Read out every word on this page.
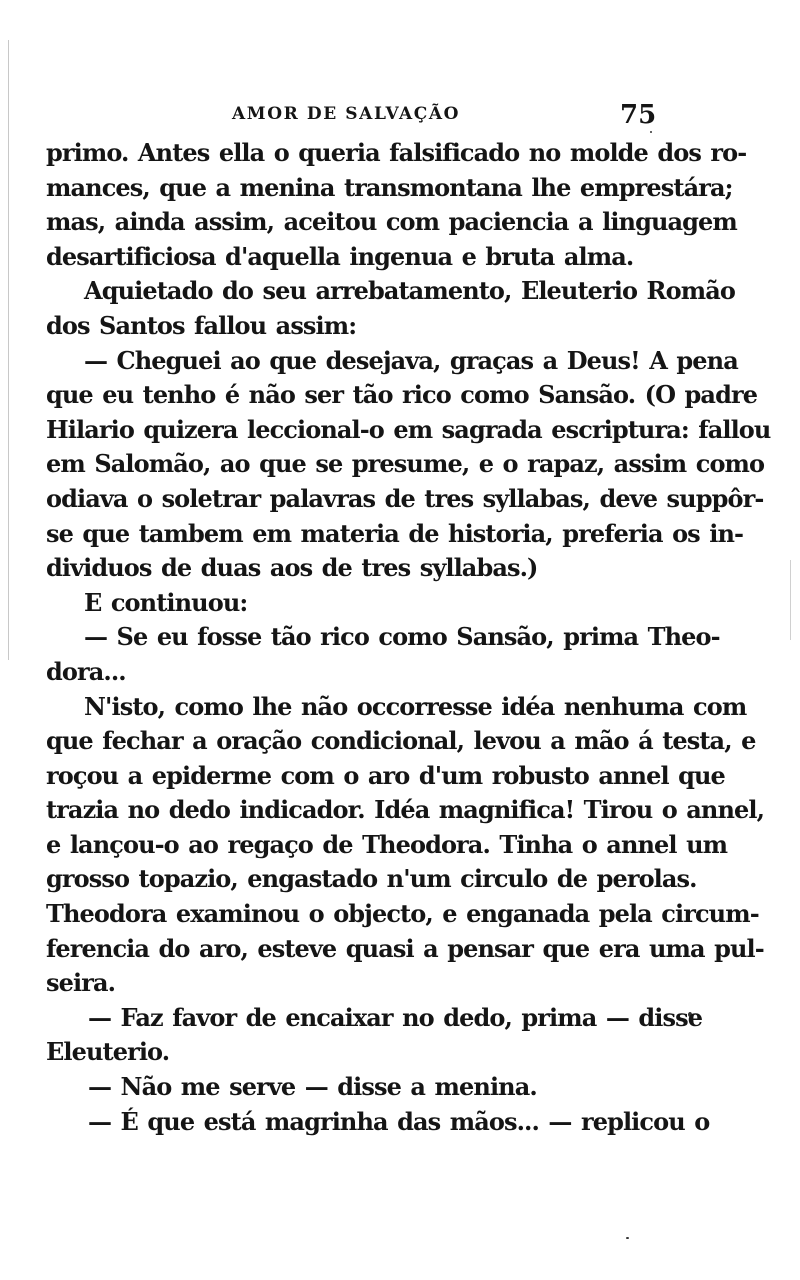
AMOR DE SALVAÇÃO	75
primo. Antes ella o queria falsificado no molde dos ro-
mances, que a menina transmontana lhe emprestára;
mas, ainda assim, aceitou com paciencia a linguagem
desartificiosa d'aquella ingenua e bruta alma.
Aquietado do seu arrebatamento, Eleuterio Romão
dos Santos fallou assim:
— Cheguei ao que desejava, graças a Deus! A pena
que eu tenho é não ser tão rico como Sansão. (O padre
Hilario quizera leccional-o em sagrada escriptura: fallou
em Salomão, ao que se presume, e o rapaz, assim como
odiava o soletrar palavras de tres syllabas, deve suppôr-
se que tambem em materia de historia, preferia os in-
dividuos de duas aos de tres syllabas.)
E continuou:
— Se eu fosse tão rico como Sansão, prima Theo-
dora...
N'isto, como lhe não occorresse idéa nenhuma com
que fechar a oração condicional, levou a mão á testa, e
roçou a epiderme com o aro d'um robusto annel que
trazia no dedo indicador. Idéa magnifica! Tirou o annel,
e lançou-o ao regaço de Theodora. Tinha o annel um
grosso topazio, engastado n'um circulo de perolas.
Theodora examinou o objecto, e enganada pela circum-
ferencia do aro, esteve quasi a pensar que era uma pul-
seira.
— Faz favor de encaixar no dedo, prima — disse
Eleuterio.
— Não me serve — disse a menina.
— É que está magrinha das mãos... — replicou o
